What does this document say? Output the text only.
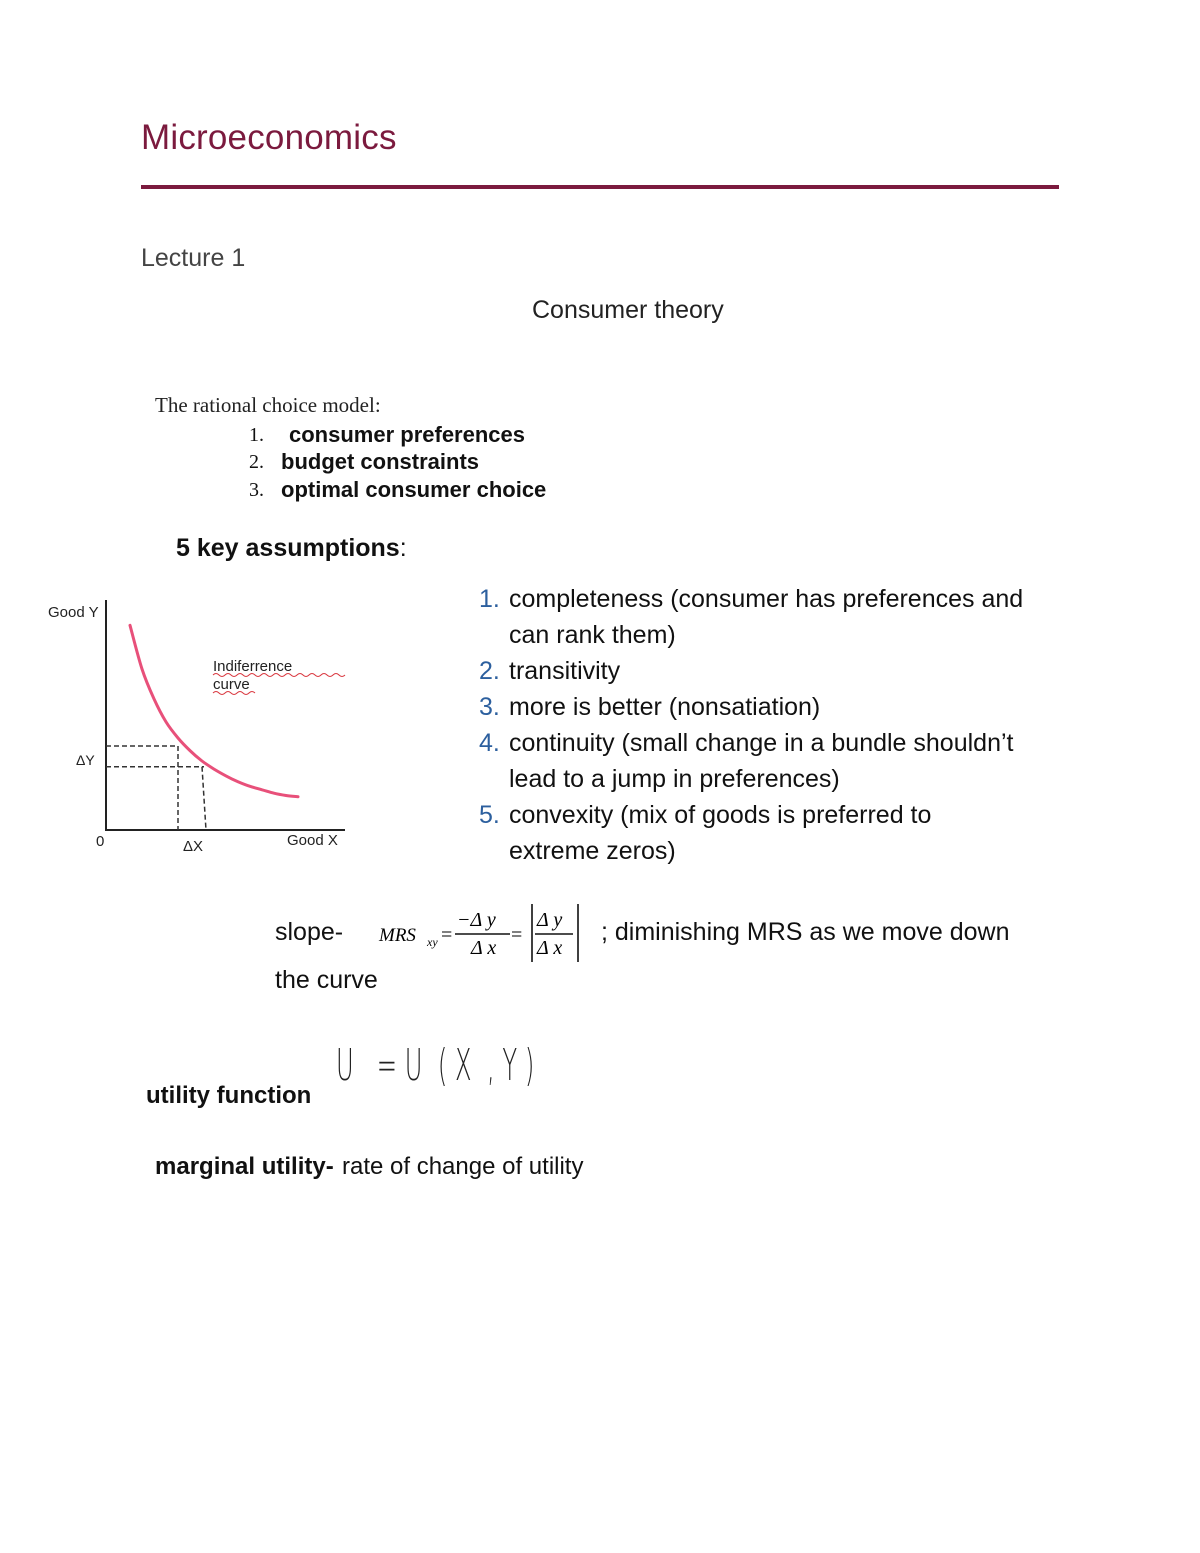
Microeconomics
Lecture 1
Consumer theory
The rational choice model:
1. consumer preferences
2. budget constraints
3. optimal consumer choice
5 key assumptions:
1. completeness (consumer has preferences and
can rank them)
2. transitivity
3. more is better (nonsatiation)
4. continuity (small change in a bundle shouldn’t
lead to a jump in preferences)
5. convexity (mix of goods is preferred to
extreme zeros)
Good Y
Good X
0
ΔY
ΔX
Indiferrence
curve
slope- MRS xy =
−Δ y
Δ x
=
Δ y
Δ x
; diminishing MRS as we move down
the curve
utility function
U   = U  ( X  , Y )
marginal utility- rate of change of utility
